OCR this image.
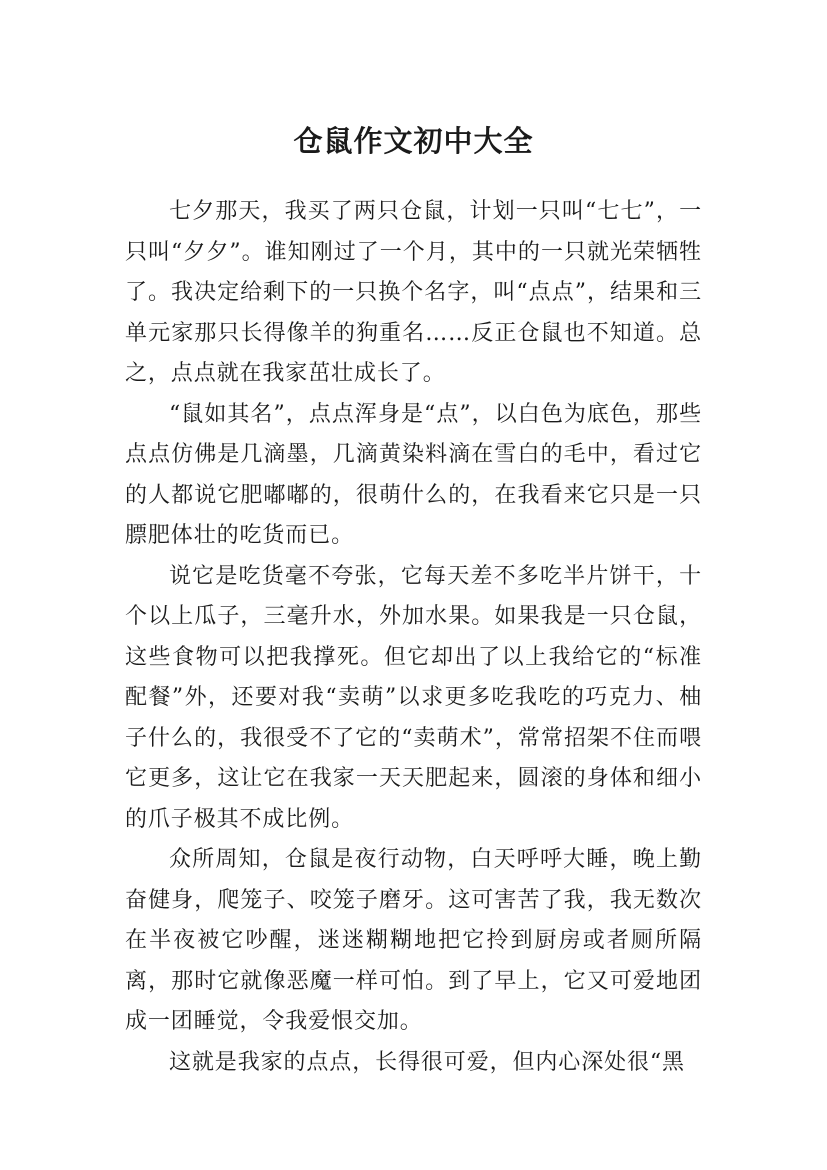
仓鼠作文初中大全

七夕那天，我买了两只仓鼠，计划一只叫“七七”，一只叫“夕夕”。谁知刚过了一个月，其中的一只就光荣牺牲了。我决定给剩下的一只换个名字，叫“点点”，结果和三单元家那只长得像羊的狗重名……反正仓鼠也不知道。总之，点点就在我家茁壮成长了。

“鼠如其名”，点点浑身是“点”，以白色为底色，那些点点仿佛是几滴墨，几滴黄染料滴在雪白的毛中，看过它的人都说它肥嘟嘟的，很萌什么的，在我看来它只是一只膘肥体壮的吃货而已。

说它是吃货毫不夸张，它每天差不多吃半片饼干，十个以上瓜子，三毫升水，外加水果。如果我是一只仓鼠，这些食物可以把我撑死。但它却出了以上我给它的“标准配餐”外，还要对我“卖萌”以求更多吃我吃的巧克力、柚子什么的，我很受不了它的“卖萌术”，常常招架不住而喂它更多，这让它在我家一天天肥起来，圆滚的身体和细小的爪子极其不成比例。

众所周知，仓鼠是夜行动物，白天呼呼大睡，晚上勤奋健身，爬笼子、咬笼子磨牙。这可害苦了我，我无数次在半夜被它吵醒，迷迷糊糊地把它拎到厨房或者厕所隔离，那时它就像恶魔一样可怕。到了早上，它又可爱地团成一团睡觉，令我爱恨交加。

这就是我家的点点，长得很可爱，但内心深处很“黑
